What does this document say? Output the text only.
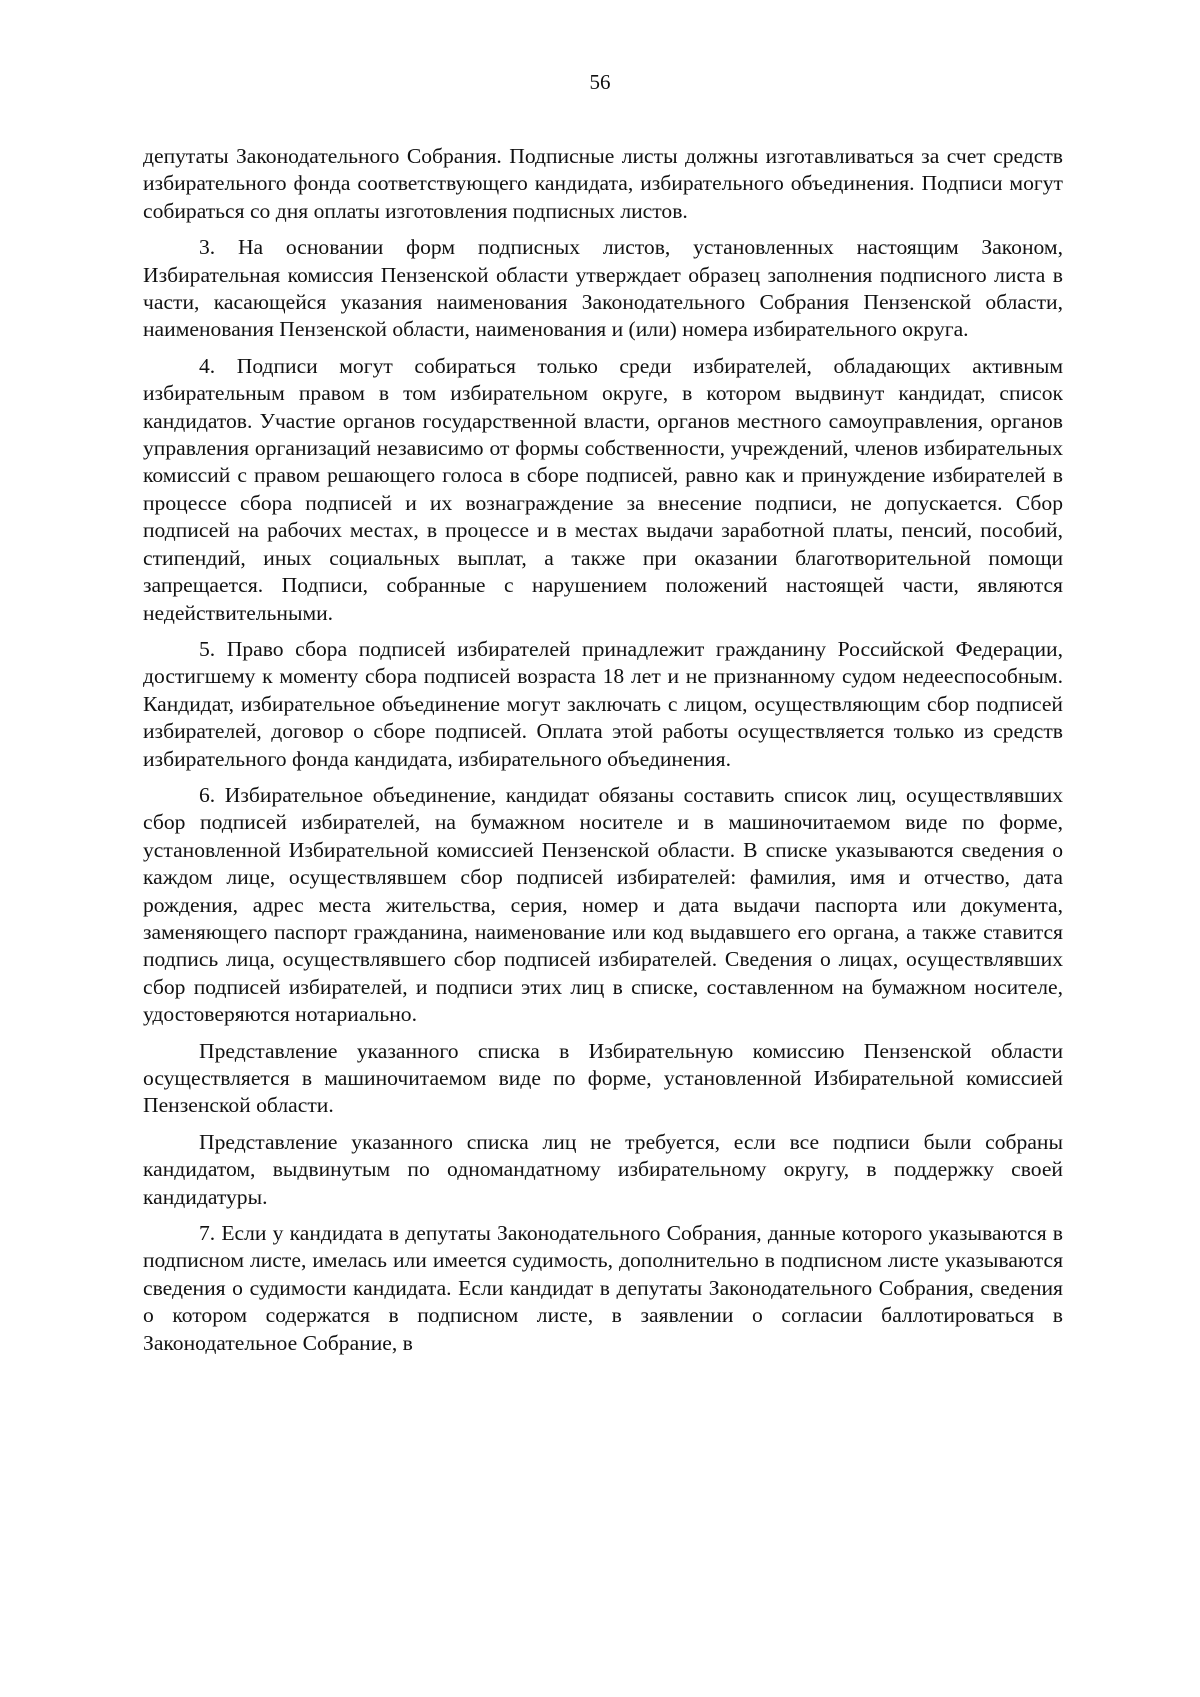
56

депутаты Законодательного Собрания. Подписные листы должны изготавливаться за счет средств избирательного фонда соответствующего кандидата, избирательного объединения. Подписи могут собираться со дня оплаты изготовления подписных листов.

3. На основании форм подписных листов, установленных настоящим Законом, Избирательная комиссия Пензенской области утверждает образец заполнения подписного листа в части, касающейся указания наименования Законодательного Собрания Пензенской области, наименования Пензенской области, наименования и (или) номера избирательного округа.

4. Подписи могут собираться только среди избирателей, обладающих активным избирательным правом в том избирательном округе, в котором выдвинут кандидат, список кандидатов. Участие органов государственной власти, органов местного самоуправления, органов управления организаций независимо от формы собственности, учреждений, членов избирательных комиссий с правом решающего голоса в сборе подписей, равно как и принуждение избирателей в процессе сбора подписей и их вознаграждение за внесение подписи, не допускается. Сбор подписей на рабочих местах, в процессе и в местах выдачи заработной платы, пенсий, пособий, стипендий, иных социальных выплат, а также при оказании благотворительной помощи запрещается. Подписи, собранные с нарушением положений настоящей части, являются недействительными.

5. Право сбора подписей избирателей принадлежит гражданину Российской Федерации, достигшему к моменту сбора подписей возраста 18 лет и не признанному судом недееспособным. Кандидат, избирательное объединение могут заключать с лицом, осуществляющим сбор подписей избирателей, договор о сборе подписей. Оплата этой работы осуществляется только из средств избирательного фонда кандидата, избирательного объединения.

6. Избирательное объединение, кандидат обязаны составить список лиц, осуществлявших сбор подписей избирателей, на бумажном носителе и в машиночитаемом виде по форме, установленной Избирательной комиссией Пензенской области. В списке указываются сведения о каждом лице, осуществлявшем сбор подписей избирателей: фамилия, имя и отчество, дата рождения, адрес места жительства, серия, номер и дата выдачи паспорта или документа, заменяющего паспорт гражданина, наименование или код выдавшего его органа, а также ставится подпись лица, осуществлявшего сбор подписей избирателей. Сведения о лицах, осуществлявших сбор подписей избирателей, и подписи этих лиц в списке, составленном на бумажном носителе, удостоверяются нотариально.

Представление указанного списка в Избирательную комиссию Пензенской области осуществляется в машиночитаемом виде по форме, установленной Избирательной комиссией Пензенской области.

Представление указанного списка лиц не требуется, если все подписи были собраны кандидатом, выдвинутым по одномандатному избирательному округу, в поддержку своей кандидатуры.

7. Если у кандидата в депутаты Законодательного Собрания, данные которого указываются в подписном листе, имелась или имеется судимость, дополнительно в подписном листе указываются сведения о судимости кандидата. Если кандидат в депутаты Законодательного Собрания, сведения о котором содержатся в подписном листе, в заявлении о согласии баллотироваться в Законодательное Собрание, в
